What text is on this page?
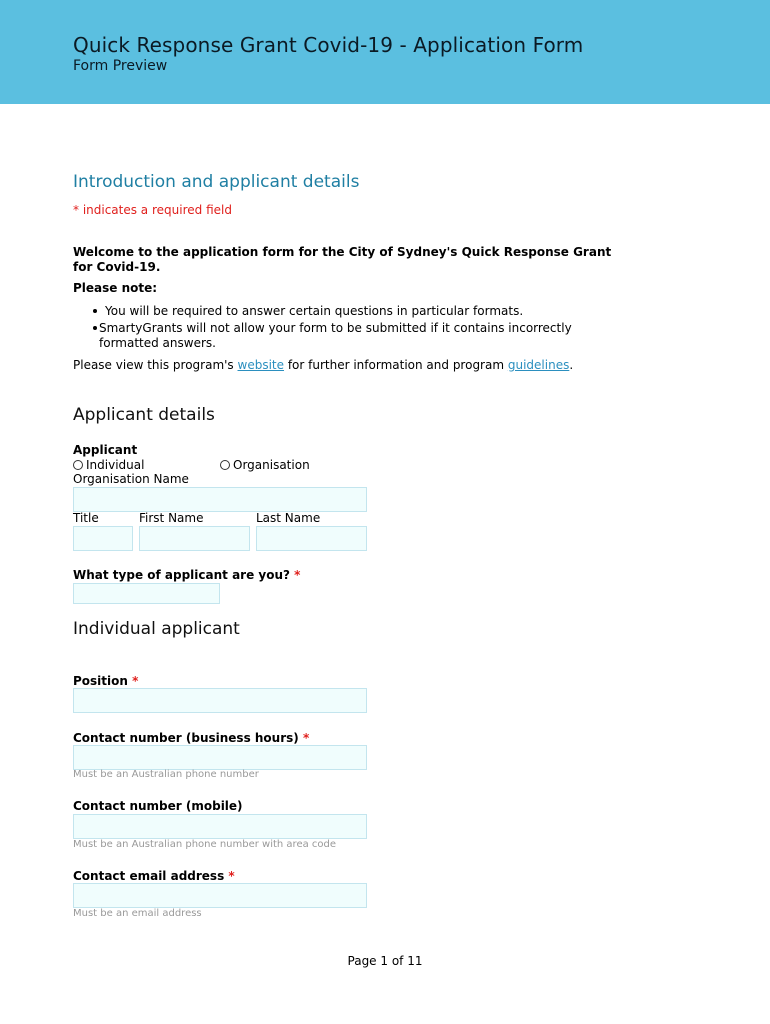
Quick Response Grant Covid-19 - Application Form
Form Preview
Introduction and applicant details
* indicates a required field
Welcome to the application form for the City of Sydney's Quick Response Grant
for Covid-19.
Please note:
You will be required to answer certain questions in particular formats.
SmartyGrants will not allow your form to be submitted if it contains incorrectly
formatted answers.
Please view this program's website for further information and program guidelines.
Applicant details
Applicant
Individual	Organisation
Organisation Name
Title	First Name	Last Name
What type of applicant are you? *
Individual applicant
Position *
Contact number (business hours) *
Must be an Australian phone number
Contact number (mobile)
Must be an Australian phone number with area code
Contact email address *
Must be an email address
Page 1 of 11
